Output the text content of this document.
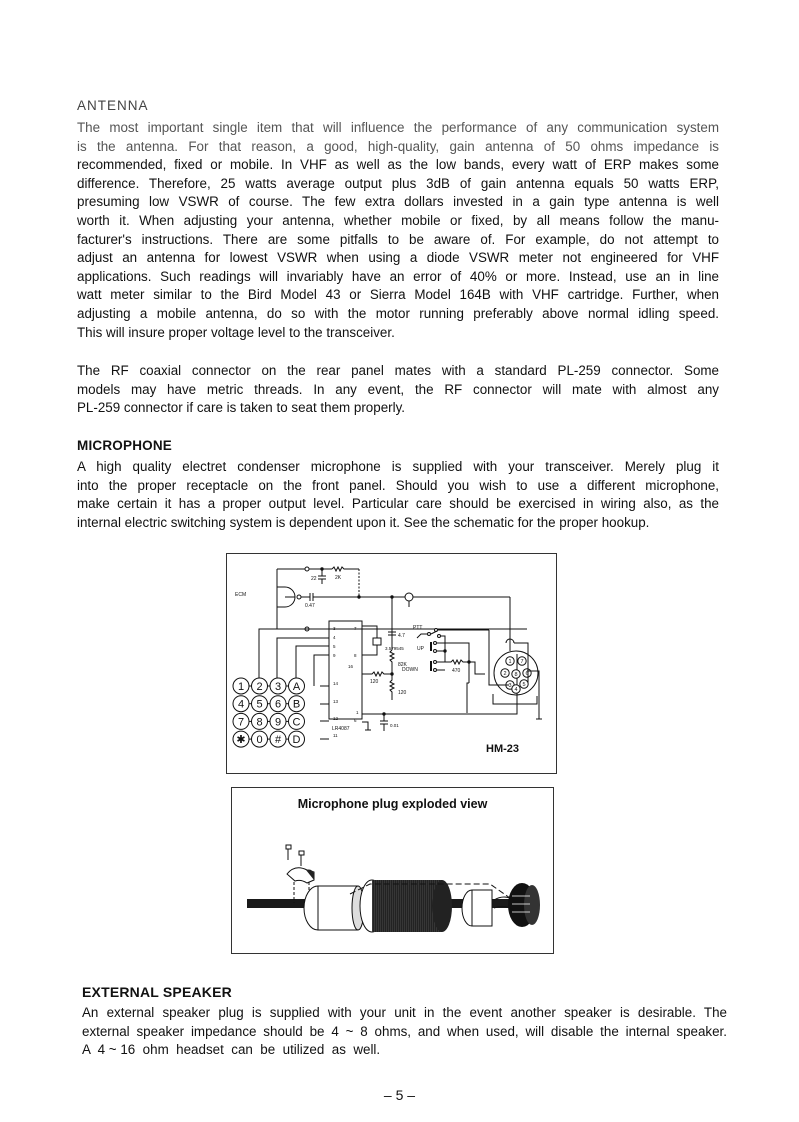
ANTENNA
The most important single item that will influence the performance of any communication system
is the antenna. For that reason, a good, high-quality, gain antenna of 50 ohms impedance is
recommended, fixed or mobile. In VHF as well as the low bands, every watt of ERP makes some
difference. Therefore, 25 watts average output plus 3dB of gain antenna equals 50 watts ERP,
presuming low VSWR of course. The few extra dollars invested in a gain type antenna is well
worth it. When adjusting your antenna, whether mobile or fixed, by all means follow the manu-
facturer's instructions. There are some pitfalls to be aware of. For example, do not attempt to
adjust an antenna for lowest VSWR when using a diode VSWR meter not engineered for VHF
applications. Such readings will invariably have an error of 40% or more. Instead, use an in line
watt meter similar to the Bird Model 43 or Sierra Model 164B with VHF cartridge. Further, when
adjusting a mobile antenna, do so with the motor running preferably above normal idling speed.
This will insure proper voltage level to the transceiver.
The RF coaxial connector on the rear panel mates with a standard PL-259 connector. Some
models may have metric threads. In any event, the RF connector will mate with almost any
PL-259 connector if care is taken to seat them properly.
MICROPHONE
A high quality electret condenser microphone is supplied with your transceiver. Merely plug it
into the proper receptacle on the front panel. Should you wish to use a different microphone,
make certain it has a proper output level. Particular care should be exercised in wiring also, as the
internal electric switching system is dependent upon it. See the schematic for the proper hookup.
ECM
2K
22
0.47
4.7
82K
120
LR4087
3
4
5
9
14
13
12
11
7
8
16
1
6
3.579545
120
1 2 3 A
4 5 6 B
7 8 9 C
✱ 0 # D
0.01
PTT
UP
DOWN	470
1 7
2 8 6
3
4
5
HM-23
Microphone plug exploded view
EXTERNAL SPEAKER
An external speaker plug is supplied with your unit in the event another speaker is desirable. The
external speaker impedance should be 4 ~ 8 ohms, and when used, will disable the internal speaker.
A  4 ~ 16  ohm  headset  can  be  utilized  as  well.
– 5 –
